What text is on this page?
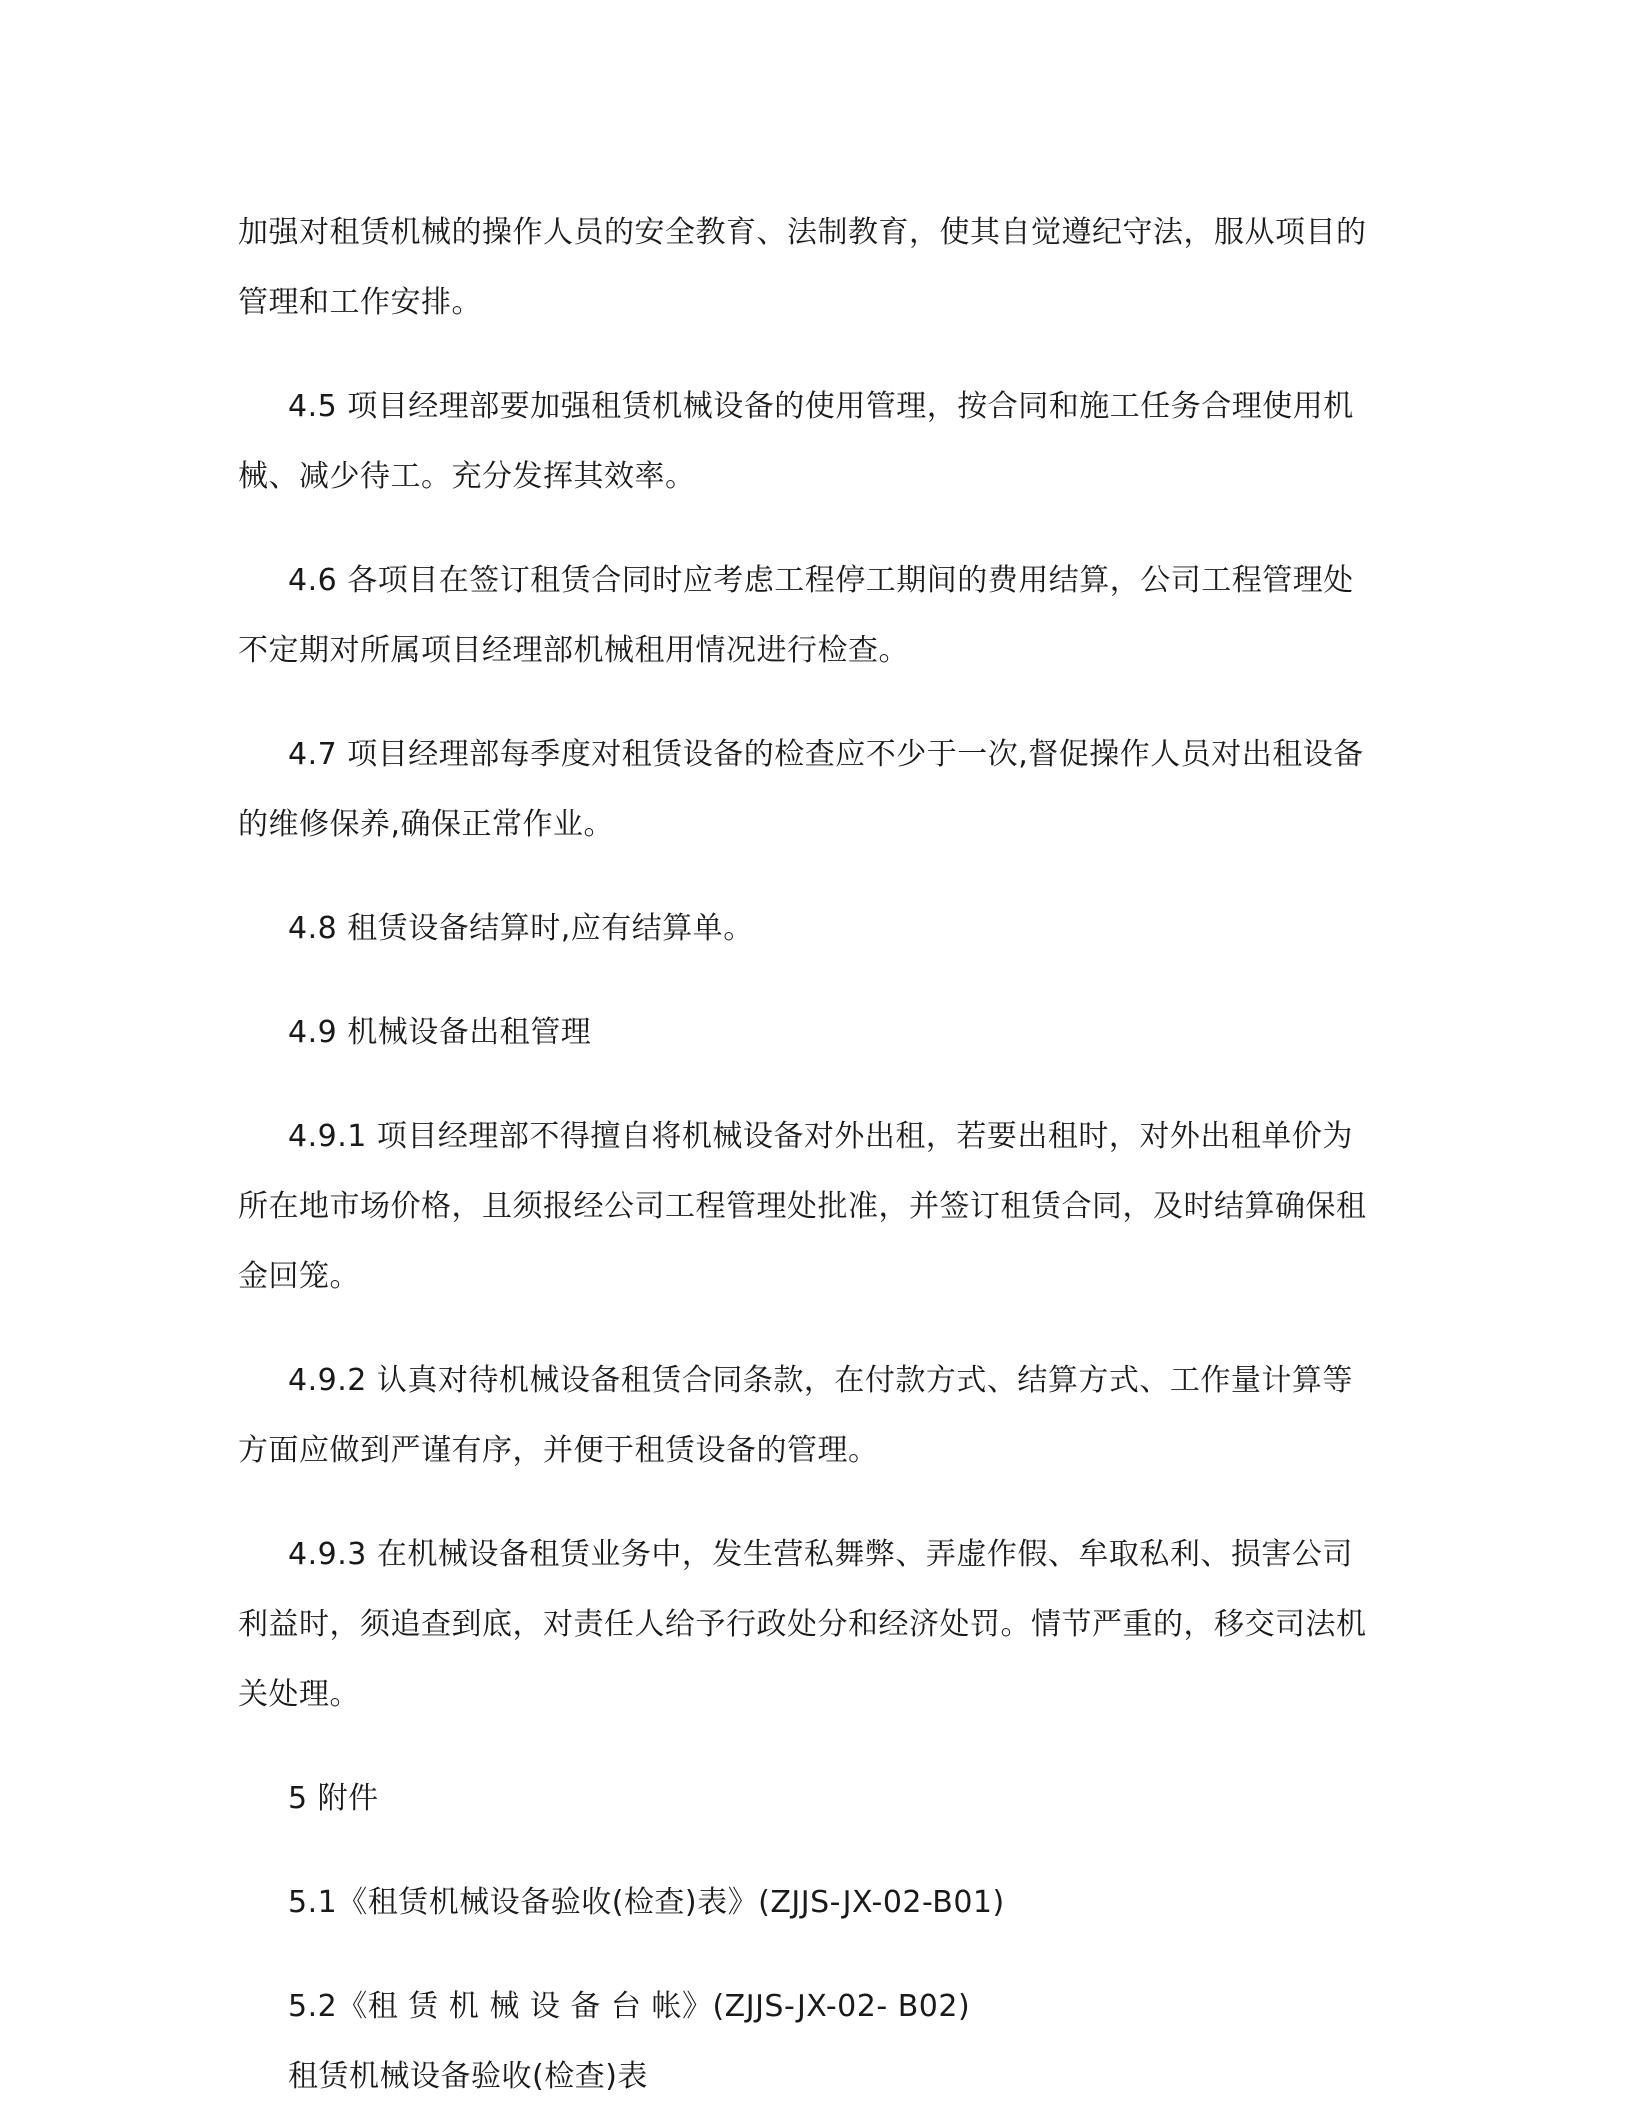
加强对租赁机械的操作人员的安全教育、法制教育，使其自觉遵纪守法，服从项目的管理和工作安排。

4.5 项目经理部要加强租赁机械设备的使用管理，按合同和施工任务合理使用机械、减少待工。充分发挥其效率。

4.6 各项目在签订租赁合同时应考虑工程停工期间的费用结算，公司工程管理处不定期对所属项目经理部机械租用情况进行检查。

4.7 项目经理部每季度对租赁设备的检查应不少于一次,督促操作人员对出租设备的维修保养,确保正常作业。

4.8 租赁设备结算时,应有结算单。

4.9 机械设备出租管理

4.9.1 项目经理部不得擅自将机械设备对外出租，若要出租时，对外出租单价为所在地市场价格，且须报经公司工程管理处批准，并签订租赁合同，及时结算确保租金回笼。

4.9.2 认真对待机械设备租赁合同条款，在付款方式、结算方式、工作量计算等方面应做到严谨有序，并便于租赁设备的管理。

4.9.3 在机械设备租赁业务中，发生营私舞弊、弄虚作假、牟取私利、损害公司利益时，须追查到底，对责任人给予行政处分和经济处罚。情节严重的，移交司法机关处理。

5 附件

5.1《租赁机械设备验收(检查)表》(ZJJS-JX-02-B01)

5.2《租 赁 机 械 设 备 台 帐》(ZJJS-JX-02- B02)

租赁机械设备验收(检查)表
